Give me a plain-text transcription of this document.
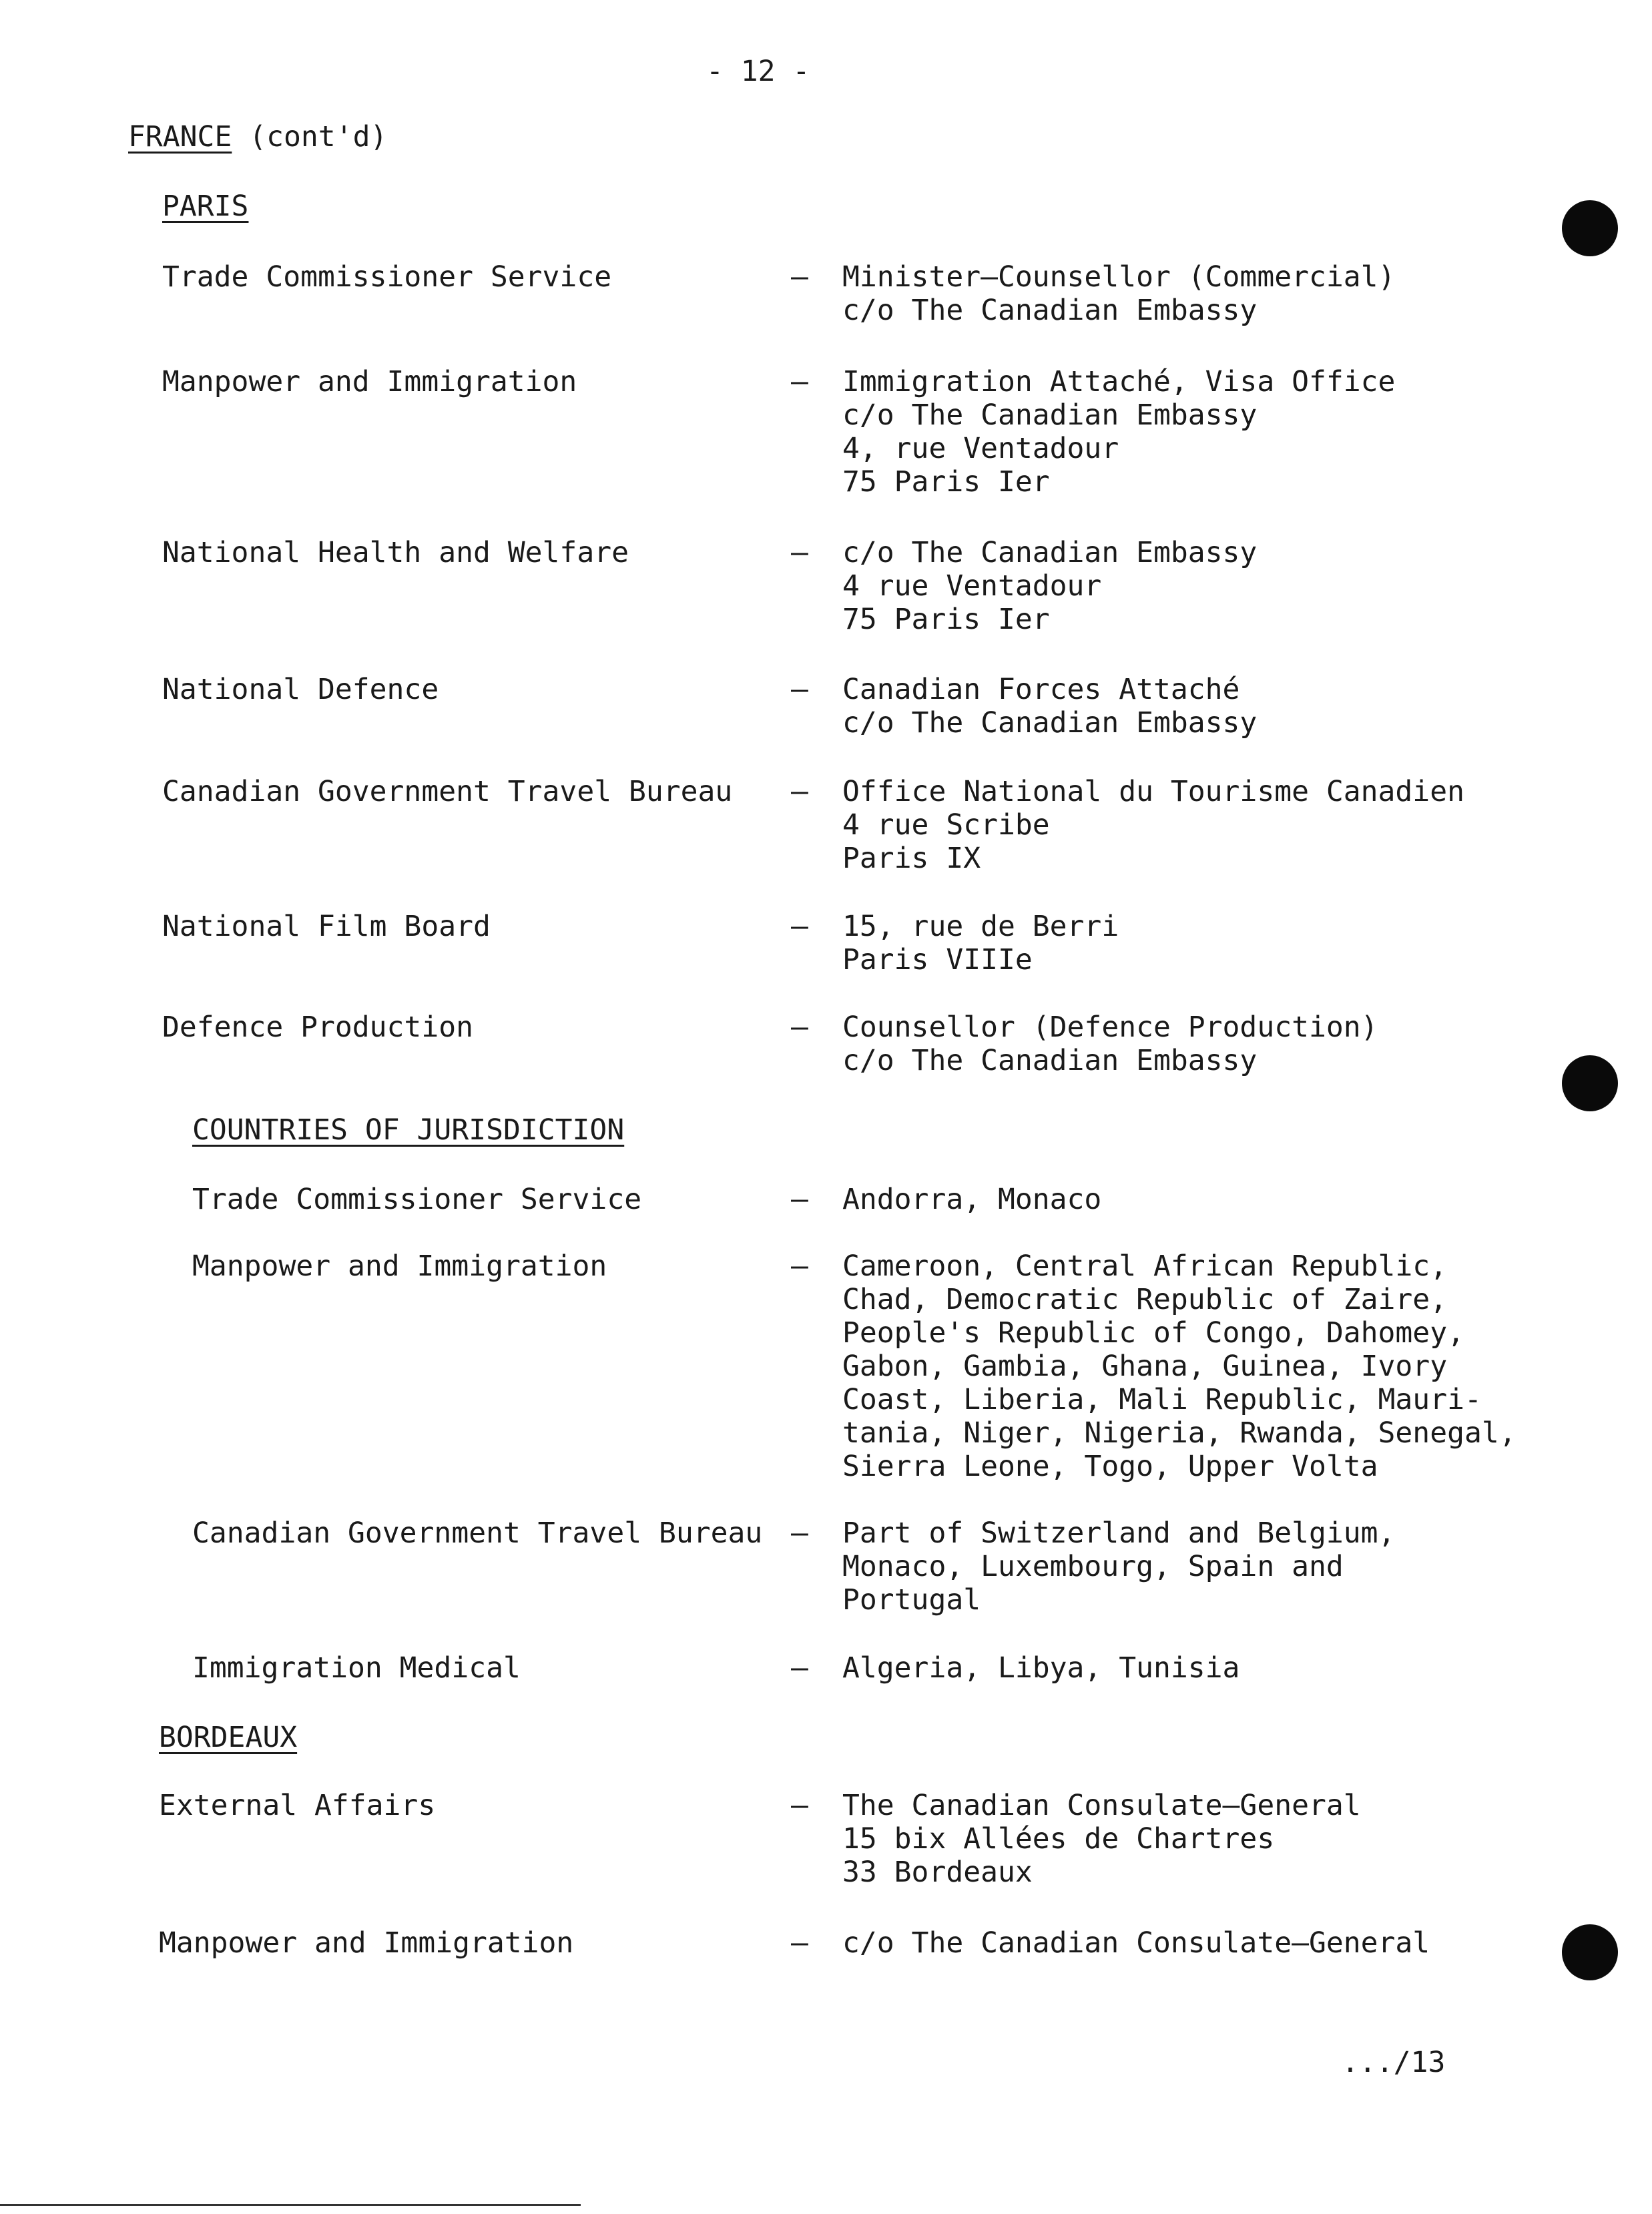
- 12 -
FRANCE (cont'd)
PARIS
Trade Commissioner Service	– Minister–Counsellor (Commercial)
c/o The Canadian Embassy
Manpower and Immigration	– Immigration Attaché, Visa Office
c/o The Canadian Embassy
4, rue Ventadour
75 Paris Ier
National Health and Welfare	– c/o The Canadian Embassy
4 rue Ventadour
75 Paris Ier
National Defence	– Canadian Forces Attaché
c/o The Canadian Embassy
Canadian Government Travel Bureau – Office National du Tourisme Canadien
4 rue Scribe
Paris IX
National Film Board	– 15, rue de Berri
Paris VIIIe
Defence Production	– Counsellor (Defence Production)
c/o The Canadian Embassy
COUNTRIES OF JURISDICTION
Trade Commissioner Service	– Andorra, Monaco
Manpower and Immigration	– Cameroon, Central African Republic,
Chad, Democratic Republic of Zaire,
People's Republic of Congo, Dahomey,
Gabon, Gambia, Ghana, Guinea, Ivory
Coast, Liberia, Mali Republic, Mauri-
tania, Niger, Nigeria, Rwanda, Senegal,
Sierra Leone, Togo, Upper Volta
Canadian Government Travel Bureau – Part of Switzerland and Belgium,
Monaco, Luxembourg, Spain and
Portugal
Immigration Medical	– Algeria, Libya, Tunisia
BORDEAUX
External Affairs	– The Canadian Consulate–General
15 bix Allées de Chartres
33 Bordeaux
Manpower and Immigration	– c/o The Canadian Consulate–General
.../13
